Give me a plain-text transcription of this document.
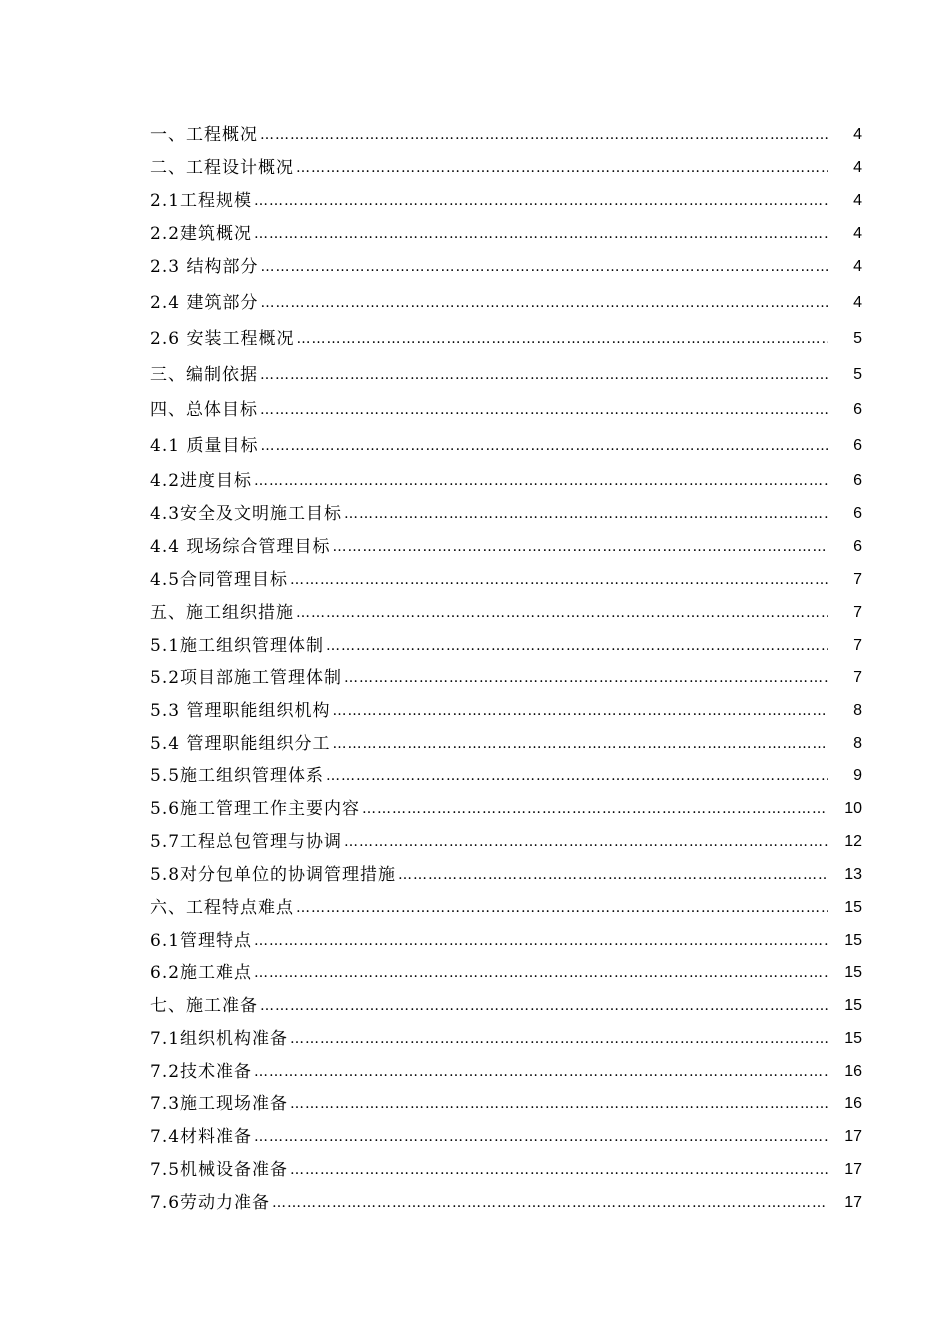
一、工程概况 …………………………………………………………………………………………………………………………………………	4
二、工程设计概况 …………………………………………………………………………………………………………………………………………	4
2.1工程规模 …………………………………………………………………………………………………………………………………………	4
2.2建筑概况 …………………………………………………………………………………………………………………………………………	4
2.3 结构部分 …………………………………………………………………………………………………………………………………………	4
2.4 建筑部分 …………………………………………………………………………………………………………………………………………	4
2.6 安装工程概况 …………………………………………………………………………………………………………………………………………	5
三、编制依据 …………………………………………………………………………………………………………………………………………	5
四、总体目标 …………………………………………………………………………………………………………………………………………	6
4.1 质量目标 …………………………………………………………………………………………………………………………………………	6
4.2进度目标 …………………………………………………………………………………………………………………………………………	6
4.3安全及文明施工目标 …………………………………………………………………………………………………………………………………………	6
4.4 现场综合管理目标 …………………………………………………………………………………………………………………………………………	6
4.5合同管理目标 …………………………………………………………………………………………………………………………………………	7
五、施工组织措施 …………………………………………………………………………………………………………………………………………	7
5.1施工组织管理体制 …………………………………………………………………………………………………………………………………………	7
5.2项目部施工管理体制 …………………………………………………………………………………………………………………………………………	7
5.3 管理职能组织机构 …………………………………………………………………………………………………………………………………………	8
5.4 管理职能组织分工 …………………………………………………………………………………………………………………………………………	8
5.5施工组织管理体系 …………………………………………………………………………………………………………………………………………	9
5.6施工管理工作主要内容 …………………………………………………………………………………………………………………………………………	10
5.7工程总包管理与协调 …………………………………………………………………………………………………………………………………………	12
5.8对分包单位的协调管理措施 …………………………………………………………………………………………………………………………………………	13
六、工程特点难点 …………………………………………………………………………………………………………………………………………	15
6.1管理特点 …………………………………………………………………………………………………………………………………………	15
6.2施工难点 …………………………………………………………………………………………………………………………………………	15
七、施工准备 …………………………………………………………………………………………………………………………………………	15
7.1组织机构准备 …………………………………………………………………………………………………………………………………………	15
7.2技术准备 …………………………………………………………………………………………………………………………………………	16
7.3施工现场准备 …………………………………………………………………………………………………………………………………………	16
7.4材料准备 …………………………………………………………………………………………………………………………………………	17
7.5机械设备准备 …………………………………………………………………………………………………………………………………………	17
7.6劳动力准备 …………………………………………………………………………………………………………………………………………	17
